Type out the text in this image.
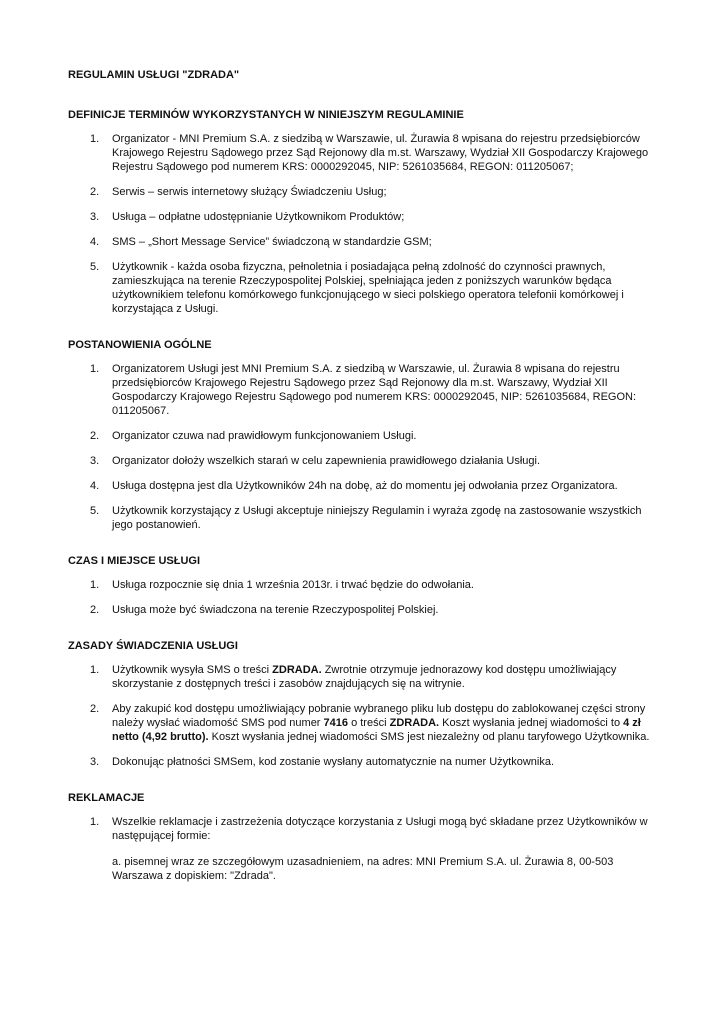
REGULAMIN USŁUGI "ZDRADA"
DEFINICJE TERMINÓW WYKORZYSTANYCH W NINIEJSZYM REGULAMINIE
1.	Organizator - MNI Premium S.A. z siedzibą w Warszawie, ul. Żurawia 8 wpisana do rejestru przedsiębiorców Krajowego Rejestru Sądowego przez Sąd Rejonowy dla m.st. Warszawy, Wydział XII Gospodarczy Krajowego Rejestru Sądowego pod numerem KRS: 0000292045, NIP: 5261035684, REGON: 011205067;
2.	Serwis – serwis internetowy służący Świadczeniu Usług;
3.	Usługa – odpłatne udostępnianie Użytkownikom Produktów;
4.	SMS – „Short Message Service” świadczoną w standardzie GSM;
5.	Użytkownik - każda osoba fizyczna, pełnoletnia i posiadająca pełną zdolność do czynności prawnych, zamieszkująca na terenie Rzeczypospolitej Polskiej, spełniająca jeden z poniższych warunków będąca użytkownikiem telefonu komórkowego funkcjonującego w sieci polskiego operatora telefonii komórkowej i korzystająca z Usługi.
POSTANOWIENIA OGÓLNE
1.	Organizatorem Usługi jest MNI Premium S.A. z siedzibą w Warszawie, ul. Żurawia 8 wpisana do rejestru przedsiębiorców Krajowego Rejestru Sądowego przez Sąd Rejonowy dla m.st. Warszawy, Wydział XII Gospodarczy Krajowego Rejestru Sądowego pod numerem KRS: 0000292045, NIP: 5261035684, REGON: 011205067.
2.	Organizator czuwa nad prawidłowym funkcjonowaniem Usługi.
3.	Organizator dołoży wszelkich starań w celu zapewnienia prawidłowego działania Usługi.
4.	Usługa dostępna jest dla Użytkowników 24h na dobę, aż do momentu jej odwołania przez Organizatora.
5.	Użytkownik korzystający z Usługi akceptuje niniejszy Regulamin i wyraża zgodę na zastosowanie wszystkich jego postanowień.
CZAS I MIEJSCE USŁUGI
1.	Usługa rozpocznie się dnia 1 września 2013r. i trwać będzie do odwołania.
2.	Usługa może być świadczona na terenie Rzeczypospolitej Polskiej.
ZASADY ŚWIADCZENIA USŁUGI
1.	Użytkownik wysyła SMS o treści ZDRADA. Zwrotnie otrzymuje jednorazowy kod dostępu umożliwiający skorzystanie z dostępnych treści i zasobów znajdujących się na witrynie.
2.	Aby zakupić kod dostępu umożliwiający pobranie wybranego pliku lub dostępu do zablokowanej części strony należy wysłać wiadomość SMS pod numer 7416 o treści ZDRADA. Koszt wysłania jednej wiadomości to 4 zł netto (4,92 brutto). Koszt wysłania jednej wiadomości SMS jest niezależny od planu taryfowego Użytkownika.
3.	Dokonując płatności SMSem, kod zostanie wysłany automatycznie na numer Użytkownika.
REKLAMACJE
1.	Wszelkie reklamacje i zastrzeżenia dotyczące korzystania z Usługi mogą być składane przez Użytkowników w następującej formie:
a. pisemnej wraz ze szczegółowym uzasadnieniem, na adres: MNI Premium S.A. ul. Żurawia 8, 00-503 Warszawa z dopiskiem: "Zdrada".
